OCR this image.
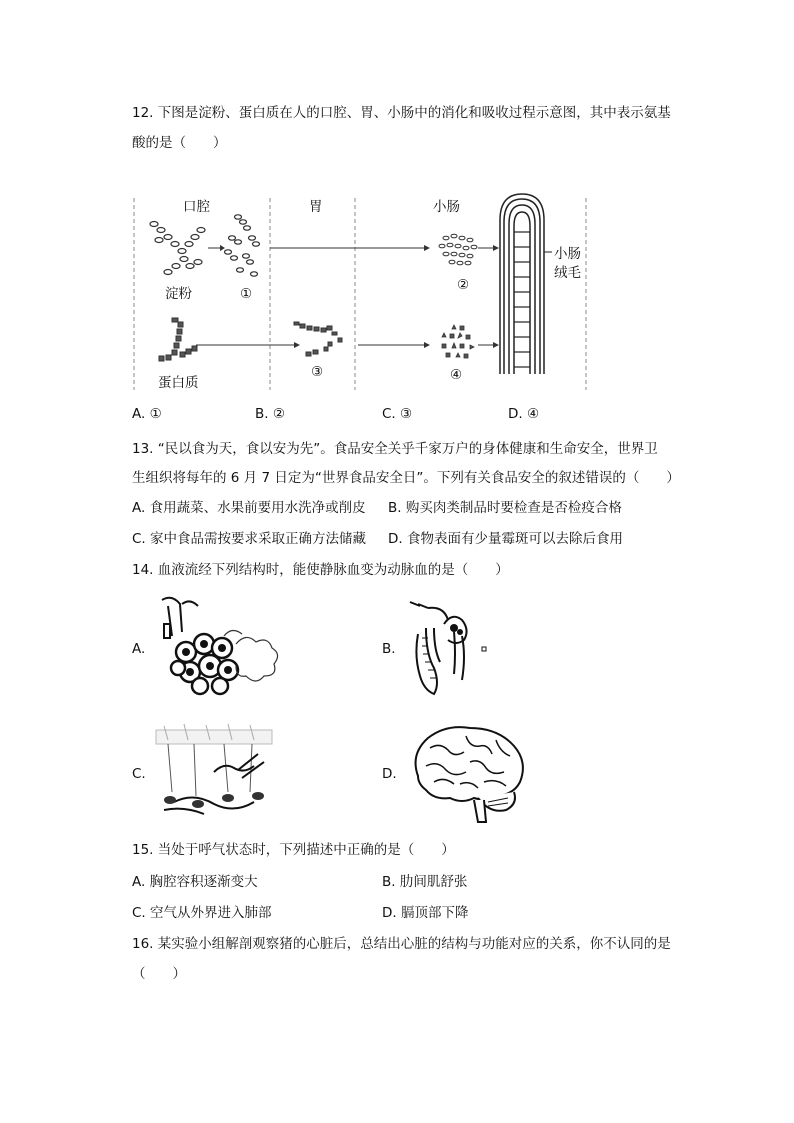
12. 下图是淀粉、蛋白质在人的口腔、胃、小肠中的消化和吸收过程示意图，其中表示氨基
酸的是（　　）
口腔	胃	小肠
淀粉	①
②
蛋白质
③	④
小肠
绒毛
A. ①	B. ②	C. ③	D. ④
13. “民以食为天，食以安为先”。食品安全关乎千家万户的身体健康和生命安全，世界卫
生组织将每年的 6 月 7 日定为“世界食品安全日”。下列有关食品安全的叙述错误的（　　）
A. 食用蔬菜、水果前要用水洗净或削皮 B. 购买肉类制品时要检查是否检疫合格
C. 家中食品需按要求采取正确方法储藏 D. 食物表面有少量霉斑可以去除后食用
14. 血液流经下列结构时，能使静脉血变为动脉血的是（　　）
A.	B.
C.	D.
15. 当处于呼气状态时，下列描述中正确的是（　　）
A. 胸腔容积逐渐变大	B. 肋间肌舒张
C. 空气从外界进入肺部	D. 膈顶部下降
16. 某实验小组解剖观察猪的心脏后，总结出心脏的结构与功能对应的关系，你不认同的是
（　　）
